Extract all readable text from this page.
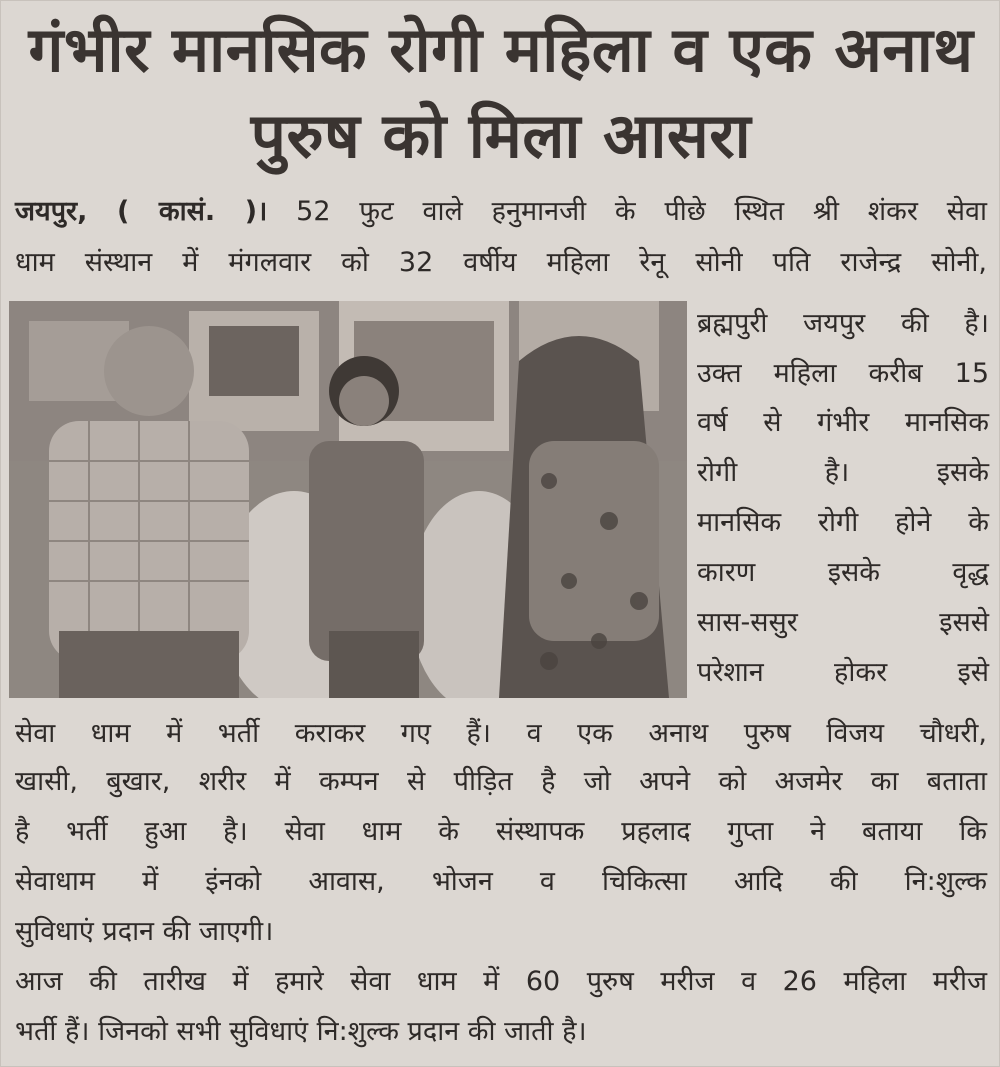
गंभीर मानसिक रोगी महिला व एक अनाथ
पुरुष को मिला आसरा
जयपुर, ( कासं. )। 52 फुट वाले हनुमानजी के पीछे स्थित श्री शंकर सेवा
धाम संस्थान में मंगलवार को 32 वर्षीय महिला रेनू सोनी पति राजेन्द्र सोनी,
ब्रह्मपुरी जयपुर की है।
उक्त महिला करीब 15
वर्ष से गंभीर मानसिक
रोगी है। इसके
मानसिक रोगी होने के
कारण इसके वृद्ध
सास-ससुर इससे
परेशान होकर इसे
सेवा धाम में भर्ती कराकर गए हैं। व एक अनाथ पुरुष विजय चौधरी,
खासी, बुखार, शरीर में कम्पन से पीड़ित है जो अपने को अजमेर का बताता
है भर्ती हुआ है। सेवा धाम के संस्थापक प्रहलाद गुप्ता ने बताया कि
सेवाधाम में इंनको आवास, भोजन व चिकित्सा आदि की नि:शुल्क
सुविधाएं प्रदान की जाएगी।
आज की तारीख में हमारे सेवा धाम में 60 पुरुष मरीज व 26 महिला मरीज
भर्ती हैं। जिनको सभी सुविधाएं नि:शुल्क प्रदान की जाती है।
